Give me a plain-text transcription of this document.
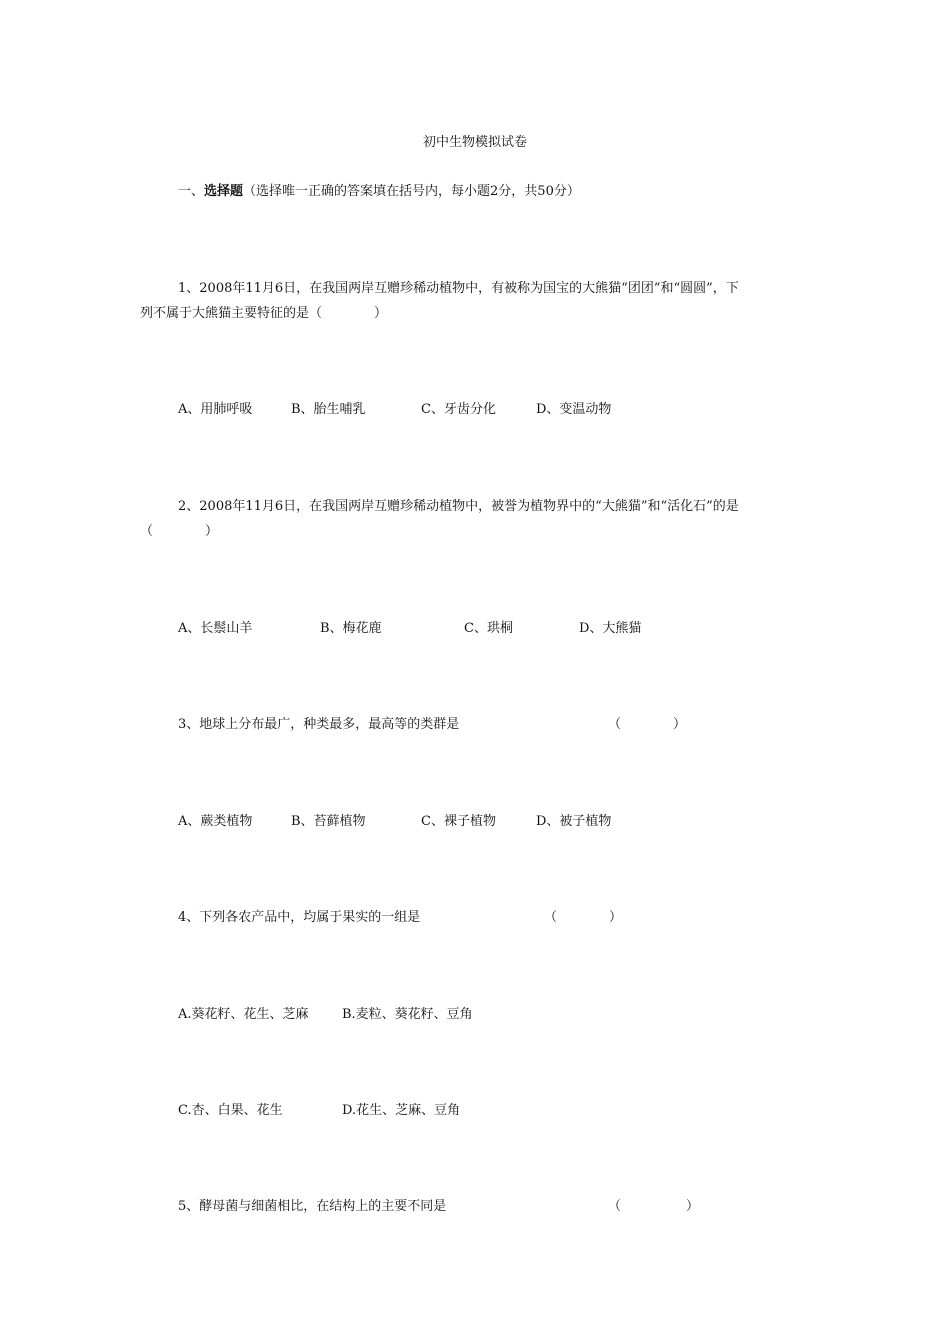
初中生物模拟试卷
一、选择题（选择唯一正确的答案填在括号内，每小题2分，共50分）
1、2008年11月6日，在我国两岸互赠珍稀动植物中，有被称为国宝的大熊猫“团团”和“圆圆”，下
列不属于大熊猫主要特征的是（　　　　）
A、用肺呼吸	B、胎生哺乳	C、牙齿分化	D、变温动物
2、2008年11月6日，在我国两岸互赠珍稀动植物中，被誉为植物界中的“大熊猫”和“活化石”的是
（　　　　）
A、长鬃山羊	B、梅花鹿	C、珙桐	D、大熊猫
3、地球上分布最广，种类最多，最高等的类群是	（　　　　）
A、蕨类植物	B、苔藓植物	C、裸子植物	D、被子植物
4、下列各农产品中，均属于果实的一组是	（　　　　）
A.葵花籽、花生、芝麻	B.麦粒、葵花籽、豆角
C.杏、白果、花生	D.花生、芝麻、豆角
5、酵母菌与细菌相比，在结构上的主要不同是	（　　　　　）
